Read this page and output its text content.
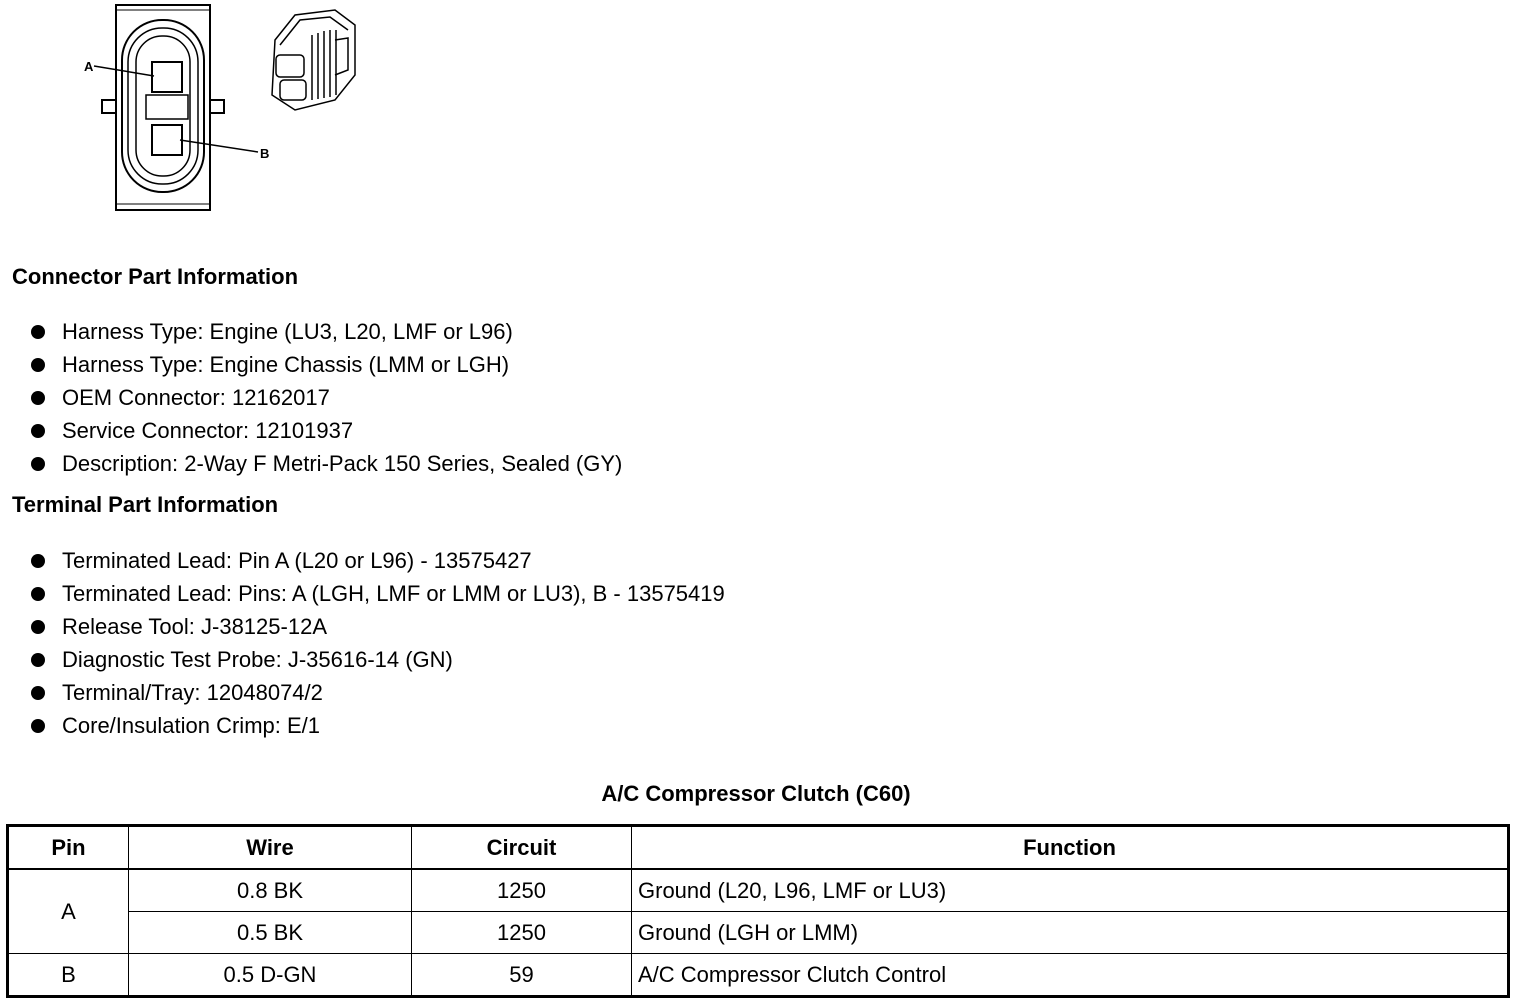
A
B
Connector Part Information
Harness Type: Engine (LU3, L20, LMF or L96)
Harness Type: Engine Chassis (LMM or LGH)
OEM Connector: 12162017
Service Connector: 12101937
Description: 2-Way F Metri-Pack 150 Series, Sealed (GY)
Terminal Part Information
Terminated Lead: Pin A (L20 or L96) - 13575427
Terminated Lead: Pins: A (LGH, LMF or LMM or LU3), B - 13575419
Release Tool: J-38125-12A
Diagnostic Test Probe: J-35616-14 (GN)
Terminal/Tray: 12048074/2
Core/Insulation Crimp: E/1
A/C Compressor Clutch (C60)
Pin	Wire	Circuit	Function
A	0.8 BK	1250	Ground (L20, L96, LMF or LU3)
	0.5 BK	1250	Ground (LGH or LMM)
B	0.5 D-GN	59	A/C Compressor Clutch Control
